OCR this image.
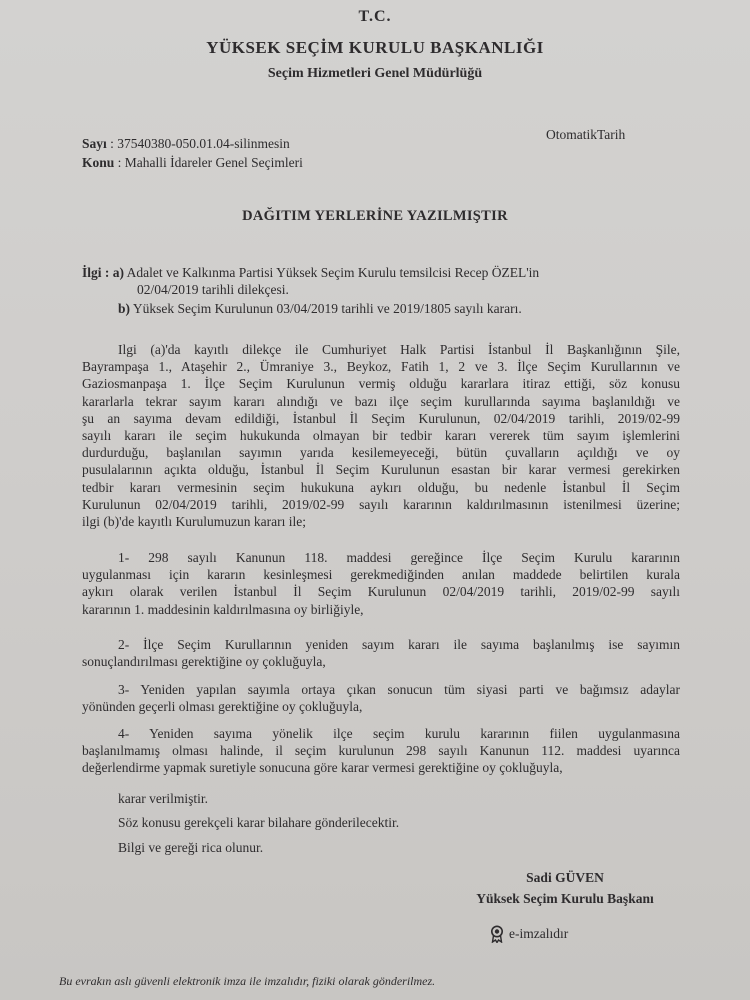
T.C.
YÜKSEK SEÇİM KURULU BAŞKANLIĞI
Seçim Hizmetleri Genel Müdürlüğü
Sayı : 37540380-050.01.04-silinmesin
Konu : Mahalli İdareler Genel Seçimleri
OtomatikTarih
DAĞITIM YERLERİNE YAZILMIŞTIR
İlgi : a) Adalet ve Kalkınma Partisi Yüksek Seçim Kurulu temsilcisi Recep ÖZEL'in
02/04/2019 tarihli dilekçesi.
b) Yüksek Seçim Kurulunun 03/04/2019 tarihli ve 2019/1805 sayılı kararı.
Ilgi (a)'da kayıtlı dilekçe ile Cumhuriyet Halk Partisi İstanbul İl Başkanlığının Şile,
Bayrampaşa 1., Ataşehir 2., Ümraniye 3., Beykoz, Fatih 1, 2 ve 3. İlçe Seçim Kurullarının ve
Gaziosmanpaşa 1. İlçe Seçim Kurulunun vermiş olduğu kararlara itiraz ettiği, söz konusu
kararlarla tekrar sayım kararı alındığı ve bazı ilçe seçim kurullarında sayıma başlanıldığı ve
şu an sayıma devam edildiği, İstanbul İl Seçim Kurulunun, 02/04/2019 tarihli, 2019/02-99
sayılı kararı ile seçim hukukunda olmayan bir tedbir kararı vererek tüm sayım işlemlerini
durdurduğu, başlanılan sayımın yarıda kesilemeyeceği, bütün çuvalların açıldığı ve oy
pusulalarının açıkta olduğu, İstanbul İl Seçim Kurulunun esastan bir karar vermesi gerekirken
tedbir kararı vermesinin seçim hukukuna aykırı olduğu, bu nedenle İstanbul İl Seçim
Kurulunun 02/04/2019 tarihli, 2019/02-99 sayılı kararının kaldırılmasının istenilmesi üzerine;
ilgi (b)'de kayıtlı Kurulumuzun kararı ile;
1- 298 sayılı Kanunun 118. maddesi gereğince İlçe Seçim Kurulu kararının
uygulanması için kararın kesinleşmesi gerekmediğinden anılan maddede belirtilen kurala
aykırı olarak verilen İstanbul İl Seçim Kurulunun 02/04/2019 tarihli, 2019/02-99 sayılı
kararının 1. maddesinin kaldırılmasına oy birliğiyle,
2- İlçe Seçim Kurullarının yeniden sayım kararı ile sayıma başlanılmış ise sayımın
sonuçlandırılması gerektiğine oy çokluğuyla,
3- Yeniden yapılan sayımla ortaya çıkan sonucun tüm siyasi parti ve bağımsız adaylar
yönünden geçerli olması gerektiğine oy çokluğuyla,
4- Yeniden sayıma yönelik ilçe seçim kurulu kararının fiilen uygulanmasına
başlanılmamış olması halinde, il seçim kurulunun 298 sayılı Kanunun 112. maddesi uyarınca
değerlendirme yapmak suretiyle sonucuna göre karar vermesi gerektiğine oy çokluğuyla,
karar verilmiştir.
Söz konusu gerekçeli karar bilahare gönderilecektir.
Bilgi ve gereği rica olunur.
Sadi GÜVEN
Yüksek Seçim Kurulu Başkanı
e-imzalıdır
Bu evrakın aslı güvenli elektronik imza ile imzalıdır, fiziki olarak gönderilmez.
